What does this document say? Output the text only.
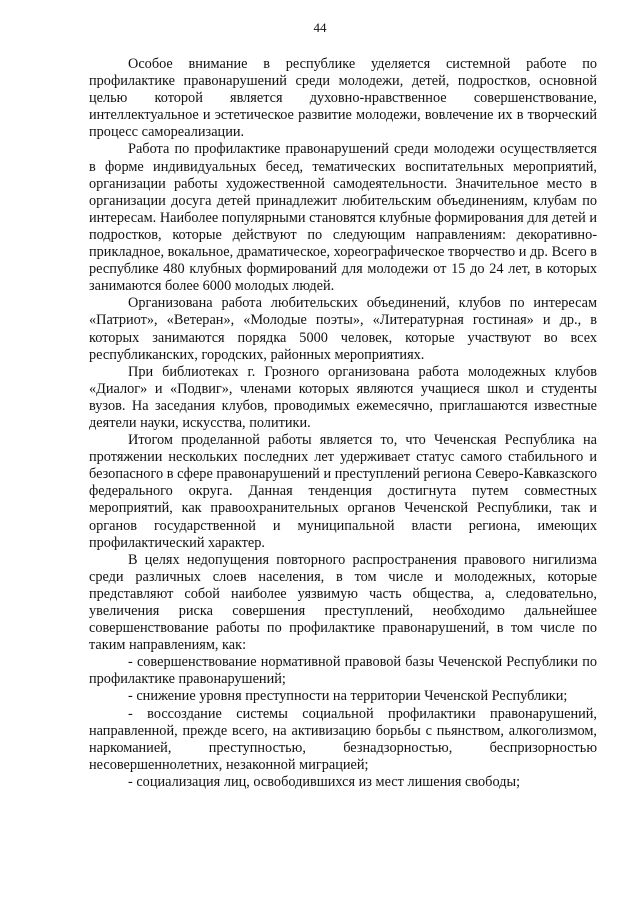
44

Особое внимание в республике уделяется системной работе по профилактике правонарушений среди молодежи, детей, подростков, основной целью которой является духовно-нравственное совершенствование, интеллектуальное и эстетическое развитие молодежи, вовлечение их в творческий процесс самореализации.

Работа по профилактике правонарушений среди молодежи осуществляется в форме индивидуальных бесед, тематических воспитательных мероприятий, организации работы художественной самодеятельности. Значительное место в организации досуга детей принадлежит любительским объединениям, клубам по интересам. Наиболее популярными становятся клубные формирования для детей и подростков, которые действуют по следующим направлениям: декоративно-прикладное, вокальное, драматическое, хореографическое творчество и др. Всего в республике 480 клубных формирований для молодежи от 15 до 24 лет, в которых занимаются более 6000 молодых людей.

Организована работа любительских объединений, клубов по интересам «Патриот», «Ветеран», «Молодые поэты», «Литературная гостиная» и др., в которых занимаются порядка 5000 человек, которые участвуют во всех республиканских, городских, районных мероприятиях.

При библиотеках г. Грозного организована работа молодежных клубов «Диалог» и «Подвиг», членами которых являются учащиеся школ и студенты вузов. На заседания клубов, проводимых ежемесячно, приглашаются известные деятели науки, искусства, политики.

Итогом проделанной работы является то, что Чеченская Республика на протяжении нескольких последних лет удерживает статус самого стабильного и безопасного в сфере правонарушений и преступлений региона Северо-Кавказского федерального округа. Данная тенденция достигнута путем совместных мероприятий, как правоохранительных органов Чеченской Республики, так и органов государственной и муниципальной власти региона, имеющих профилактический характер.

В целях недопущения повторного распространения правового нигилизма среди различных слоев населения, в том числе и молодежных, которые представляют собой наиболее уязвимую часть общества, а, следовательно, увеличения риска совершения преступлений, необходимо дальнейшее совершенствование работы по профилактике правонарушений, в том числе по таким направлениям, как:

- совершенствование нормативной правовой базы Чеченской Республики по профилактике правонарушений;

- снижение уровня преступности на территории Чеченской Республики;

- воссоздание системы социальной профилактики правонарушений, направленной, прежде всего, на активизацию борьбы с пьянством, алкоголизмом, наркоманией, преступностью, безнадзорностью, беспризорностью несовершеннолетних, незаконной миграцией;

- социализация лиц, освободившихся из мест лишения свободы;
